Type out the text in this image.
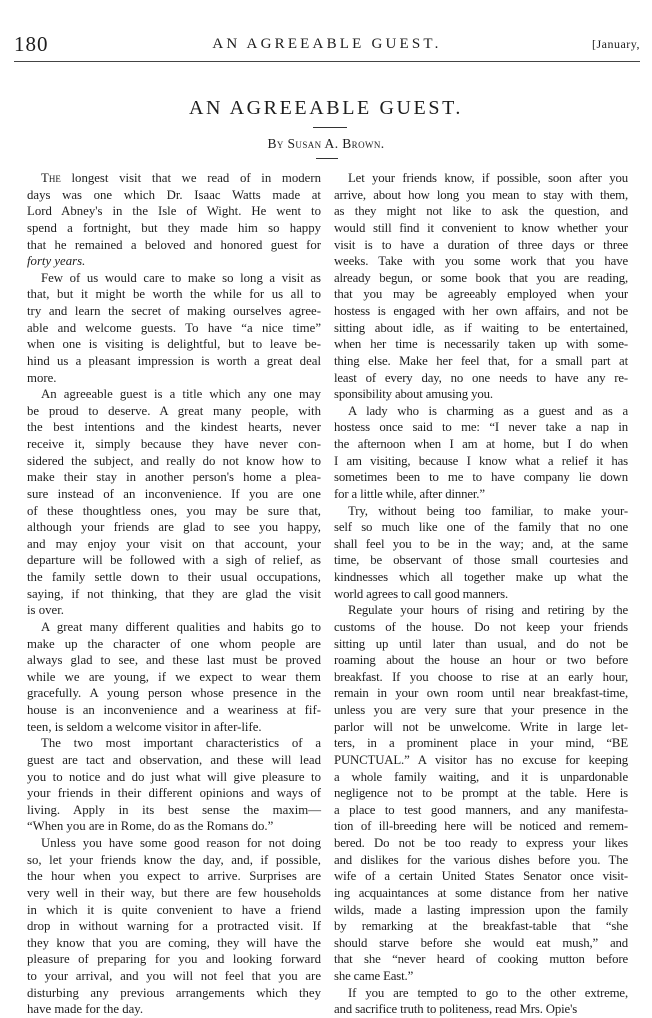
180	AN AGREEABLE GUEST.	[January,
AN AGREEABLE GUEST.
By Susan A. Brown.

The longest visit that we read of in modern
days was one which Dr. Isaac Watts made at
Lord Abney's in the Isle of Wight. He went to
spend a fortnight, but they made him so happy
that he remained a beloved and honored guest for
forty years.

Few of us would care to make so long a visit as
that, but it might be worth the while for us all to
try and learn the secret of making ourselves agree-
able and welcome guests. To have “a nice time”
when one is visiting is delightful, but to leave be-
hind us a pleasant impression is worth a great deal
more.

An agreeable guest is a title which any one may
be proud to deserve. A great many people, with
the best intentions and the kindest hearts, never
receive it, simply because they have never con-
sidered the subject, and really do not know how to
make their stay in another person's home a plea-
sure instead of an inconvenience. If you are one
of these thoughtless ones, you may be sure that,
although your friends are glad to see you happy,
and may enjoy your visit on that account, your
departure will be followed with a sigh of relief, as
the family settle down to their usual occupations,
saying, if not thinking, that they are glad the visit
is over.

A great many different qualities and habits go to
make up the character of one whom people are
always glad to see, and these last must be proved
while we are young, if we expect to wear them
gracefully. A young person whose presence in the
house is an inconvenience and a weariness at fif-
teen, is seldom a welcome visitor in after-life.

The two most important characteristics of a
guest are tact and observation, and these will lead
you to notice and do just what will give pleasure to
your friends in their different opinions and ways of
living. Apply in its best sense the maxim—
“When you are in Rome, do as the Romans do.”

Unless you have some good reason for not doing
so, let your friends know the day, and, if possible,
the hour when you expect to arrive. Surprises are
very well in their way, but there are few households
in which it is quite convenient to have a friend
drop in without warning for a protracted visit. If
they know that you are coming, they will have the
pleasure of preparing for you and looking forward
to your arrival, and you will not feel that you are
disturbing any previous arrangements which they
have made for the day.

Let your friends know, if possible, soon after you
arrive, about how long you mean to stay with them,
as they might not like to ask the question, and
would still find it convenient to know whether your
visit is to have a duration of three days or three
weeks. Take with you some work that you have
already begun, or some book that you are reading,
that you may be agreeably employed when your
hostess is engaged with her own affairs, and not be
sitting about idle, as if waiting to be entertained,
when her time is necessarily taken up with some-
thing else. Make her feel that, for a small part at
least of every day, no one needs to have any re-
sponsibility about amusing you.

A lady who is charming as a guest and as a
hostess once said to me: “I never take a nap in
the afternoon when I am at home, but I do when
I am visiting, because I know what a relief it has
sometimes been to me to have company lie down
for a little while, after dinner.”

Try, without being too familiar, to make your-
self so much like one of the family that no one
shall feel you to be in the way; and, at the same
time, be observant of those small courtesies and
kindnesses which all together make up what the
world agrees to call good manners.

Regulate your hours of rising and retiring by the
customs of the house. Do not keep your friends
sitting up until later than usual, and do not be
roaming about the house an hour or two before
breakfast. If you choose to rise at an early hour,
remain in your own room until near breakfast-time,
unless you are very sure that your presence in the
parlor will not be unwelcome. Write in large let-
ters, in a prominent place in your mind, “BE
PUNCTUAL.” A visitor has no excuse for keeping
a whole family waiting, and it is unpardonable
negligence not to be prompt at the table. Here is
a place to test good manners, and any manifesta-
tion of ill-breeding here will be noticed and remem-
bered. Do not be too ready to express your likes
and dislikes for the various dishes before you. The
wife of a certain United States Senator once visit-
ing acquaintances at some distance from her native
wilds, made a lasting impression upon the family
by remarking at the breakfast-table that “she
should starve before she would eat mush,” and
that she “never heard of cooking mutton before
she came East.”

If you are tempted to go to the other extreme,
and sacrifice truth to politeness, read Mrs. Opie's
